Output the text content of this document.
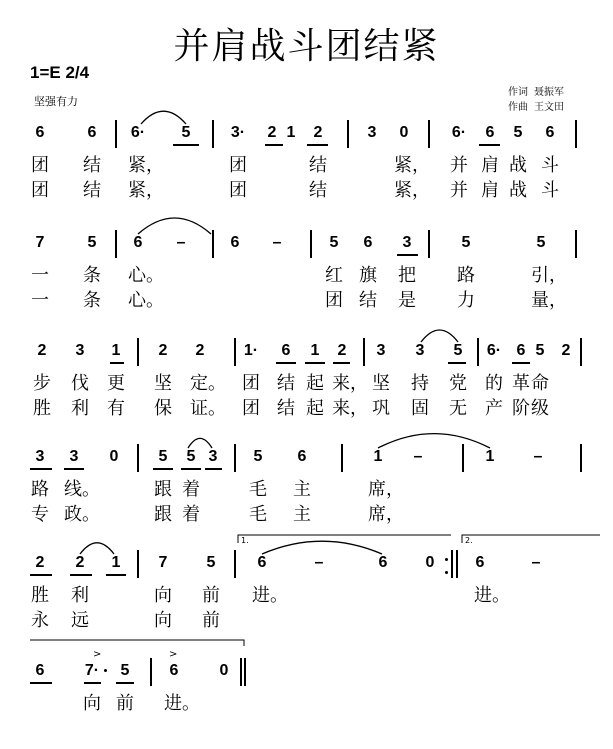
并肩战斗团结紧
1=E 2/4
坚强有力
作词 聂振军
作曲 王文田
6	6	6·	5	3·	2 1	2	3	0	6·	6	5	6
团 结 紧，	团	结	紧， 并 肩 战 斗
团 结 紧，	团	结	紧， 并 肩 战 斗
7	5	6	–	6	–	5	6	3	5	5
一 条 心。	红 旗 把 路	引，
一 条 心。	团 结 是 力	量，
2	3	1	2	2	1·	6	1	2	3	3	5	6· 6 5	2
步 伐 更 坚 定。 团 结 起 来， 坚 持 党 的 革 命
胜 利 有 保 证。 团 结 起 来， 巩 固 无 产 阶 级
3	3	0	5	5 3	5	6	1	–	1	–
路 线。	跟 着	毛 主	席，
专 政。	跟 着	毛 主	席，
2	2	1	7	5	6	–	6	0	6	–
1.	2.
胜 利	向 前 进。	进。
永 远	向 前
6	7·	5	6	0
>	>
向 前 进。
